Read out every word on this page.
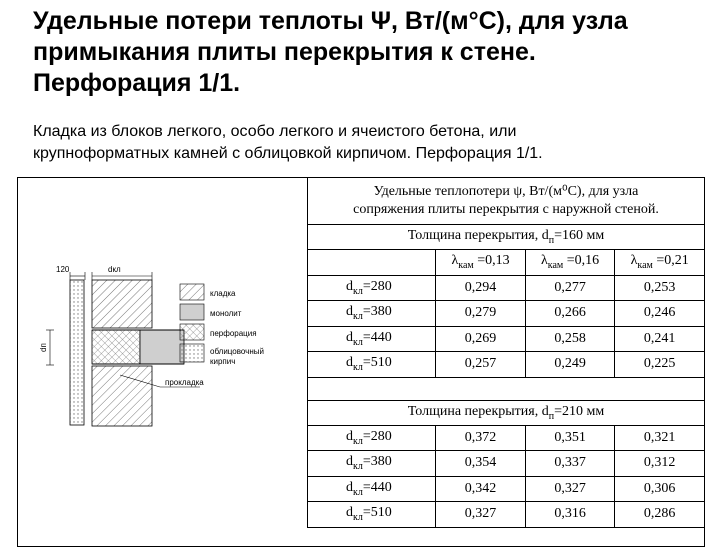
Удельные потери теплоты Ψ, Вт/(м°С), для узла
примыкания плиты перекрытия к стене.
Перфорация 1/1.

Кладка из блоков легкого, особо легкого и ячеистого бетона, или
крупноформатных камней с облицовкой кирпичом. Перфорация 1/1.

120	dкл
dп
кладка
монолит
перфорация
облицовочный
кирпич
прокладка
Удельные теплопотери ψ, Вт/(м⁰С), для узла
сопряжения плиты перекрытия с наружной стеной.			

Толщина перекрытия, $d_п=160$ мм			
	$\lambda_{кам} =0,13$	$\lambda_{кам} =0,16$	$\lambda_{кам} =0,21$
$d_{кл}=280$	0,294	0,277	0,253
$d_{кл}=380$	0,279	0,266	0,246
$d_{кл}=440$	0,269	0,258	0,241
$d_{кл}=510$	0,257	0,249	0,225

Толщина перекрытия, $d_п=210$ мм			
$d_{кл}=280$	0,372	0,351	0,321
$d_{кл}=380$	0,354	0,337	0,312
$d_{кл}=440$	0,342	0,327	0,306
$d_{кл}=510$	0,327	0,316	0,286
